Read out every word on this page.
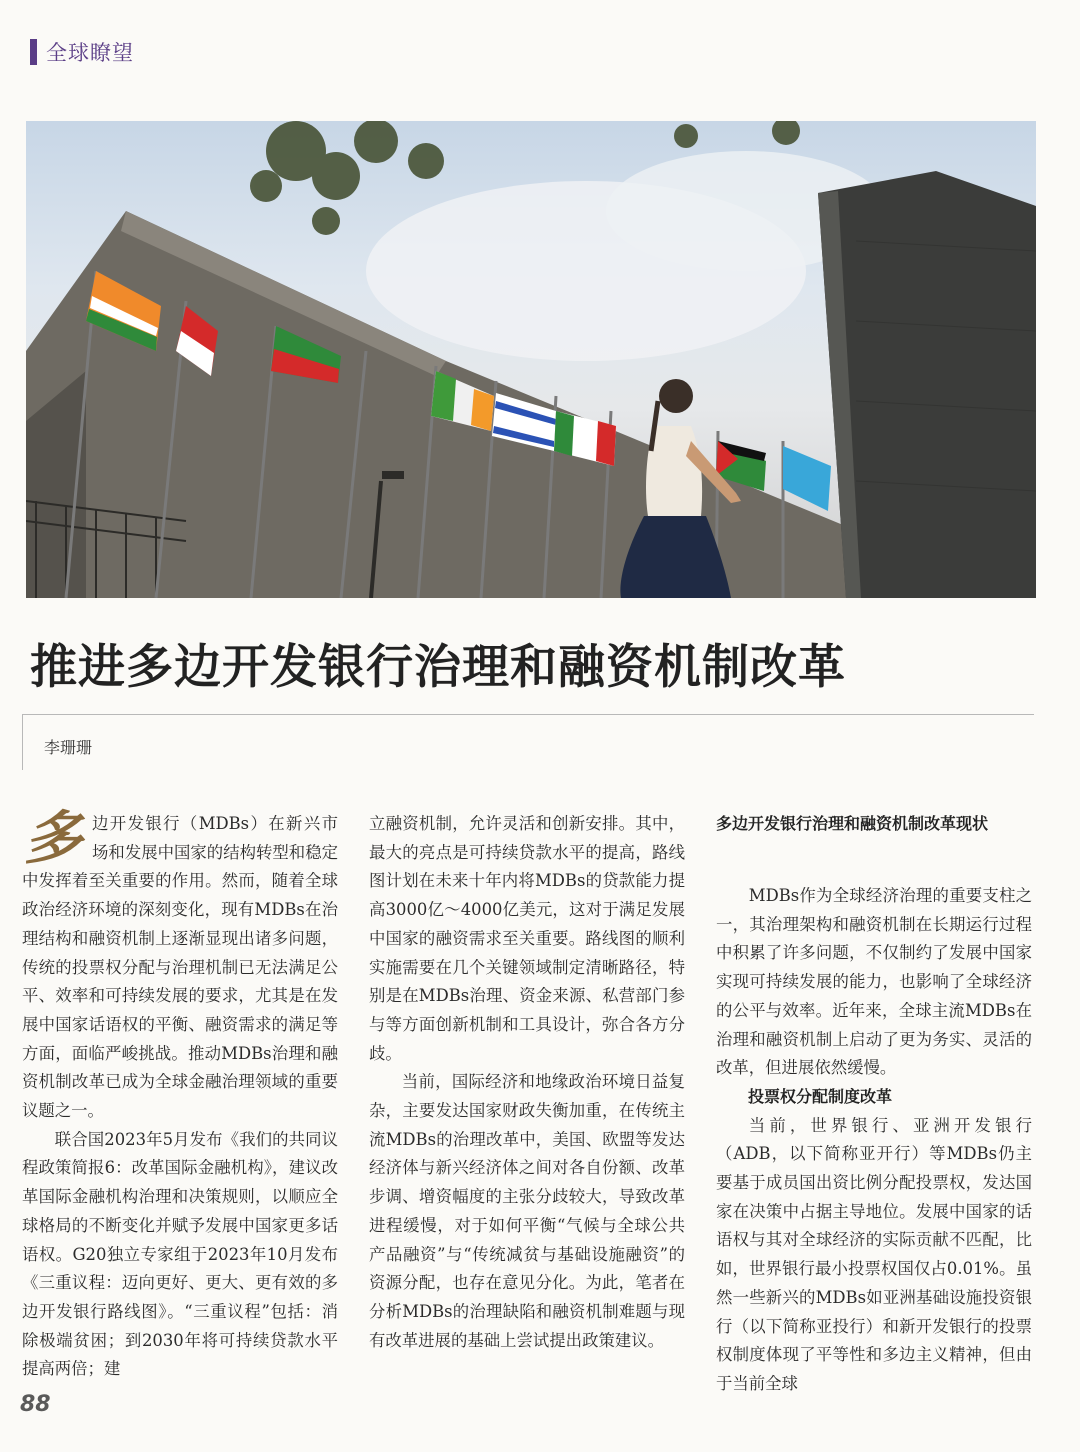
全球瞭望
推进多边开发银行治理和融资机制改革
李珊珊

多边开发银行（MDBs）在新兴市场和发展中国家的结构转型和稳定中发挥着至关重要的作用。然而，随着全球政治经济环境的深刻变化，现有MDBs在治理结构和融资机制上逐渐显现出诸多问题，传统的投票权分配与治理机制已无法满足公平、效率和可持续发展的要求，尤其是在发展中国家话语权的平衡、融资需求的满足等方面，面临严峻挑战。推动MDBs治理和融资机制改革已成为全球金融治理领域的重要议题之一。

联合国2023年5月发布《我们的共同议程政策简报6：改革国际金融机构》，建议改革国际金融机构治理和决策规则，以顺应全球格局的不断变化并赋予发展中国家更多话语权。G20独立专家组于2023年10月发布《三重议程：迈向更好、更大、更有效的多边开发银行路线图》。“三重议程”包括：消除极端贫困；到2030年将可持续贷款水平提高两倍；建

立融资机制，允许灵活和创新安排。其中，最大的亮点是可持续贷款水平的提高，路线图计划在未来十年内将MDBs的贷款能力提高3000亿～4000亿美元，这对于满足发展中国家的融资需求至关重要。路线图的顺利实施需要在几个关键领域制定清晰路径，特别是在MDBs治理、资金来源、私营部门参与等方面创新机制和工具设计，弥合各方分歧。

当前，国际经济和地缘政治环境日益复杂，主要发达国家财政失衡加重，在传统主流MDBs的治理改革中，美国、欧盟等发达经济体与新兴经济体之间对各自份额、改革步调、增资幅度的主张分歧较大，导致改革进程缓慢，对于如何平衡“气候与全球公共产品融资”与“传统减贫与基础设施融资”的资源分配，也存在意见分化。为此，笔者在分析MDBs的治理缺陷和融资机制难题与现有改革进展的基础上尝试提出政策建议。

多边开发银行治理和融资机制改革现状

MDBs作为全球经济治理的重要支柱之一，其治理架构和融资机制在长期运行过程中积累了许多问题，不仅制约了发展中国家实现可持续发展的能力，也影响了全球经济的公平与效率。近年来，全球主流MDBs在治理和融资机制上启动了更为务实、灵活的改革，但进展依然缓慢。

投票权分配制度改革

当前，世界银行、亚洲开发银行（ADB，以下简称亚开行）等MDBs仍主要基于成员国出资比例分配投票权，发达国家在决策中占据主导地位。发展中国家的话语权与其对全球经济的实际贡献不匹配，比如，世界银行最小投票权国仅占0.01%。虽然一些新兴的MDBs如亚洲基础设施投资银行（以下简称亚投行）和新开发银行的投票权制度体现了平等性和多边主义精神，但由于当前全球

88
